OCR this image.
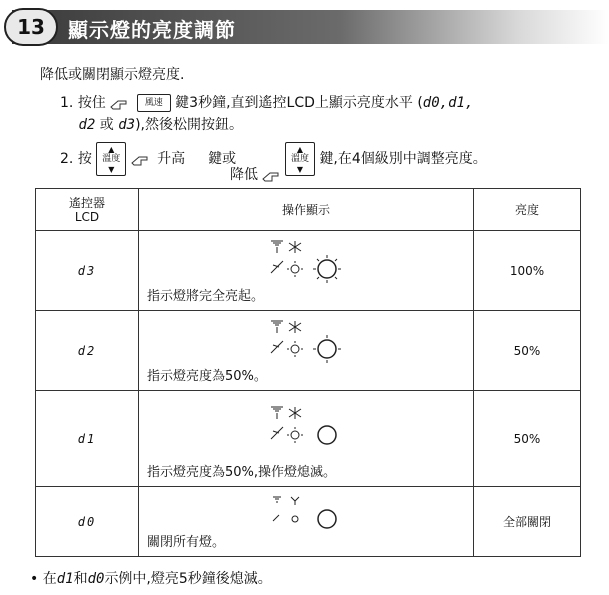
13	顯示燈的亮度調節
降低或關閉顯示燈亮度.
1. 按住	風速 鍵3秒鐘,直到遙控LCD上顯示亮度水平 (d0,d1,
d2 或 d3),然後松開按鈕。
2. 按
▲
溫度
▼
升高 鍵或
▲
溫度
▼
鍵,在4個級別中調整亮度。
降低
遙控器
LCD	操作顯示	亮度
d3	指示燈將完全亮起。	100%
d2	指示燈亮度為50%。	50%
d1	指示燈亮度為50%,操作燈熄滅。	50%
d0	關閉所有燈。	全部關閉
• 在d1和d0示例中,燈亮5秒鐘後熄滅。
